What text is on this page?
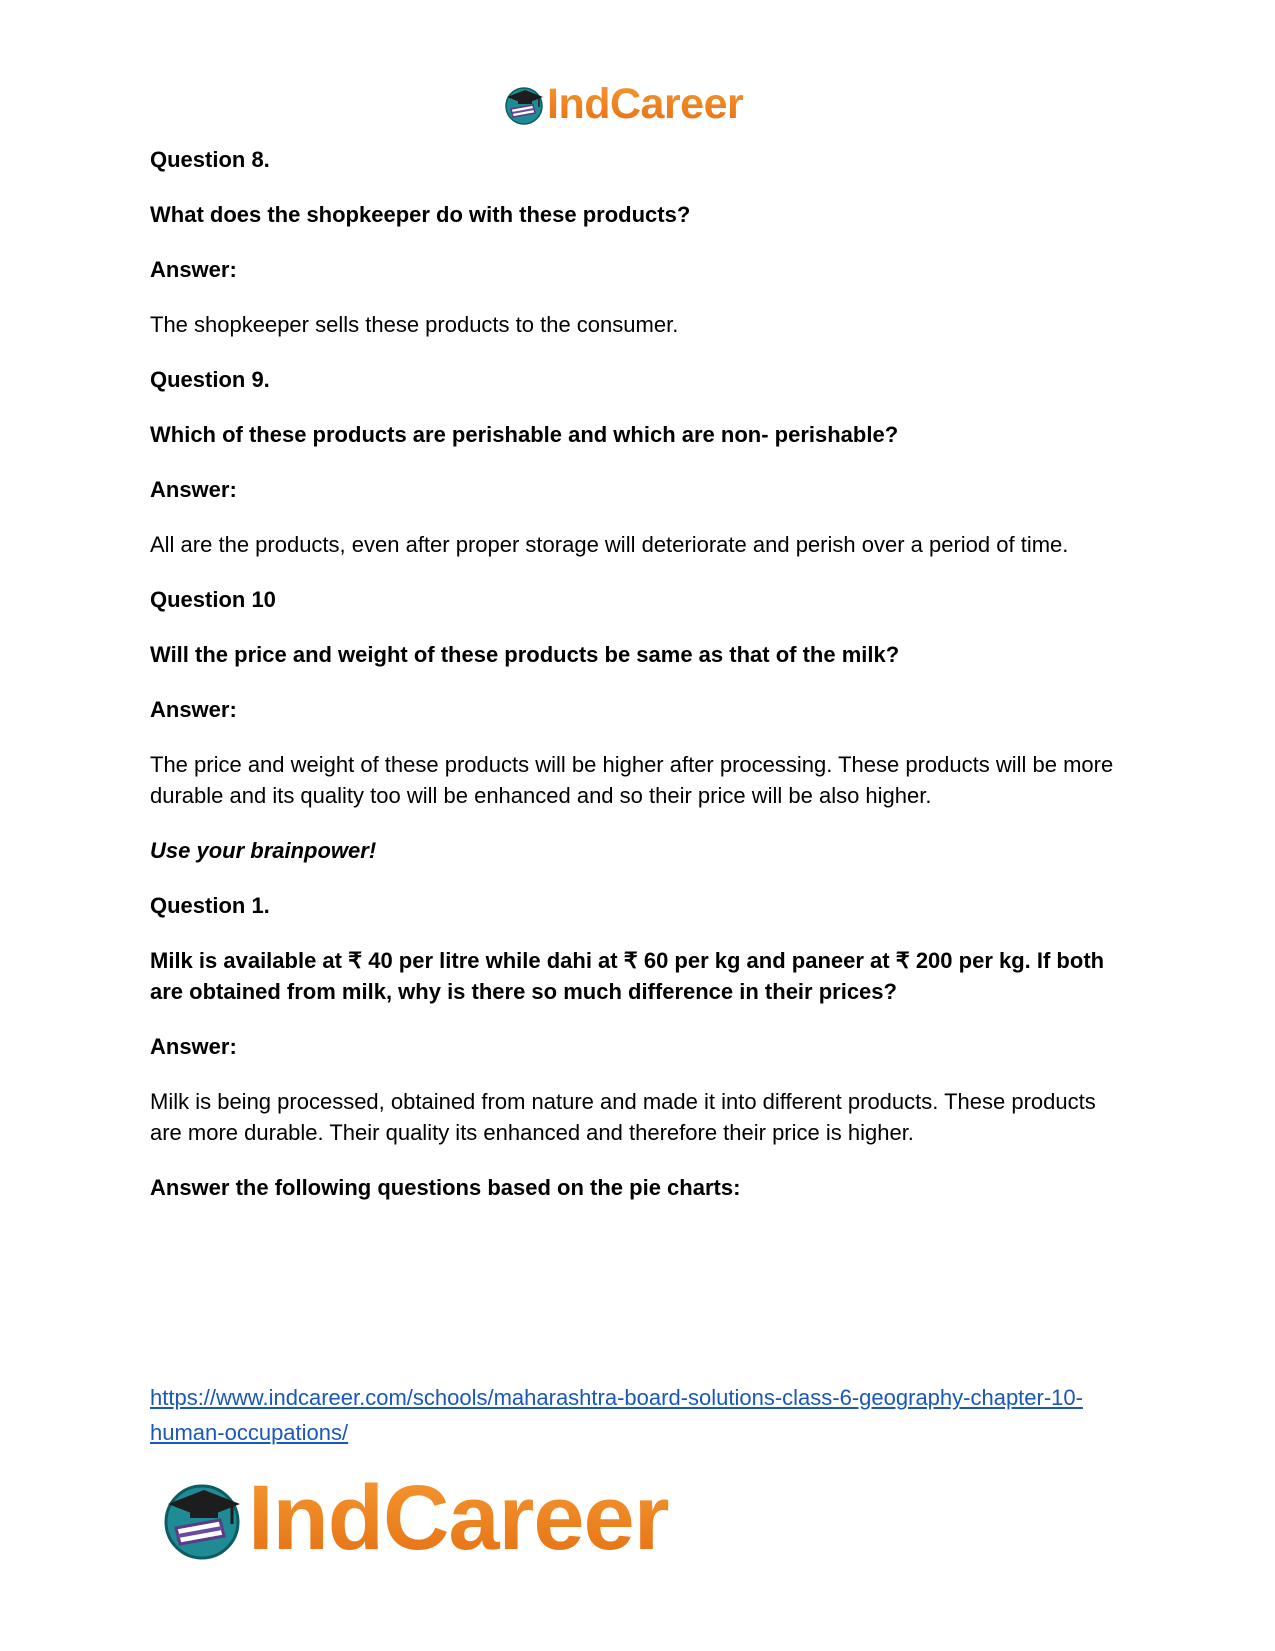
IndCareer

Question 8.

What does the shopkeeper do with these products?

Answer:

The shopkeeper sells these products to the consumer.

Question 9.

Which of these products are perishable and which are non- perishable?

Answer:

All are the products, even after proper storage will deteriorate and perish over a period of time.

Question 10

Will the price and weight of these products be same as that of the milk?

Answer:

The price and weight of these products will be higher after processing. These products will be more durable and its quality too will be enhanced and so their price will be also higher.

Use your brainpower!

Question 1.

Milk is available at ₹ 40 per litre while dahi at ₹ 60 per kg and paneer at ₹ 200 per kg. If both are obtained from milk, why is there so much difference in their prices?

Answer:

Milk is being processed, obtained from nature and made it into different products. These products are more durable. Their quality its enhanced and therefore their price is higher.

Answer the following questions based on the pie charts:

https://www.indcareer.com/schools/maharashtra-board-solutions-class-6-geography-chapter-10-human-occupations/
IndCareer
